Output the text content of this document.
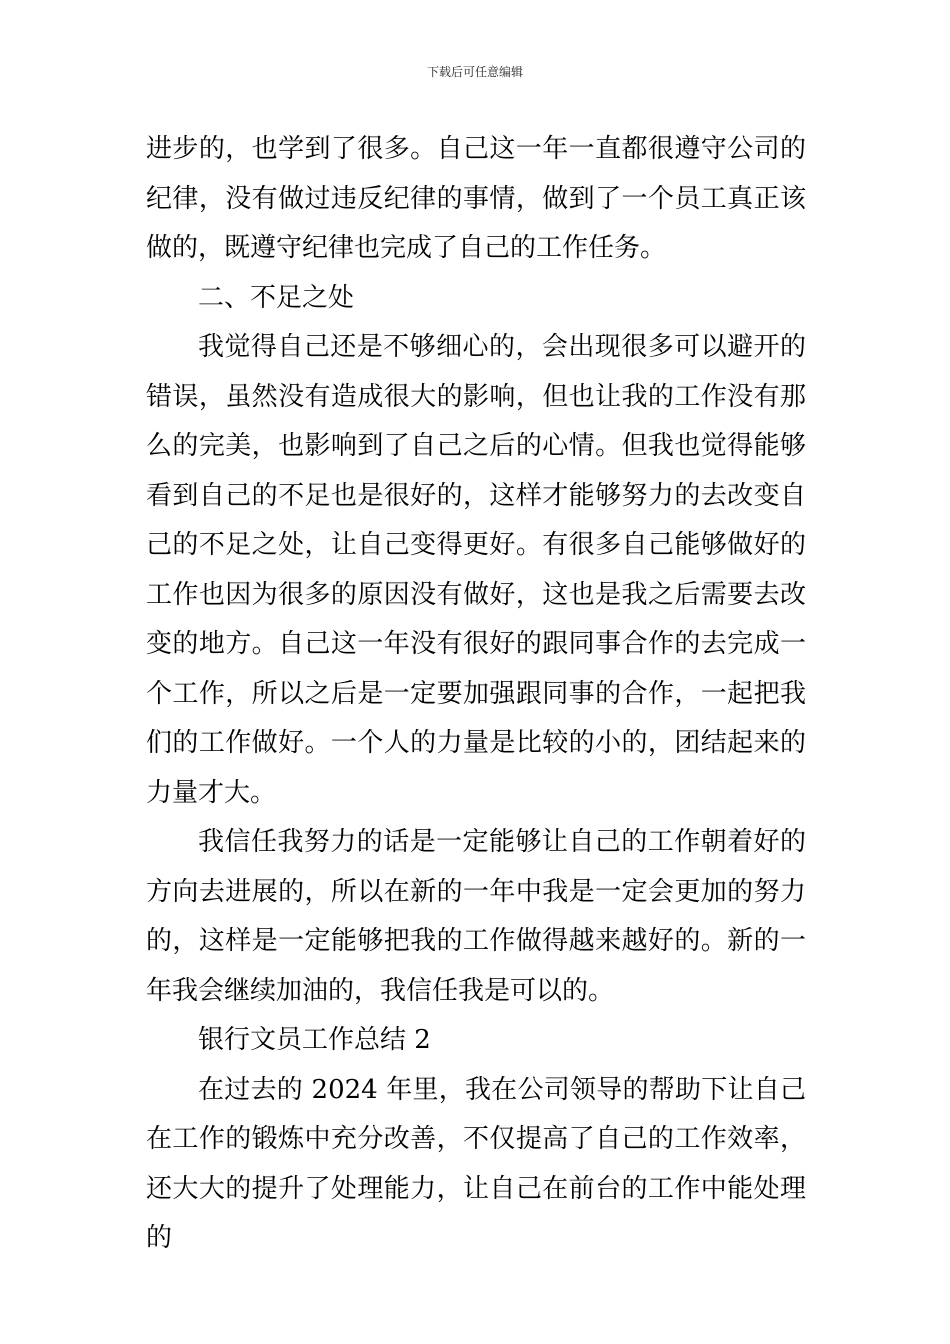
下载后可任意编辑

进步的，也学到了很多。自己这一年一直都很遵守公司的纪律，没有做过违反纪律的事情，做到了一个员工真正该做的，既遵守纪律也完成了自己的工作任务。

二、不足之处

我觉得自己还是不够细心的，会出现很多可以避开的错误，虽然没有造成很大的影响，但也让我的工作没有那么的完美，也影响到了自己之后的心情。但我也觉得能够看到自己的不足也是很好的，这样才能够努力的去改变自己的不足之处，让自己变得更好。有很多自己能够做好的工作也因为很多的原因没有做好，这也是我之后需要去改变的地方。自己这一年没有很好的跟同事合作的去完成一个工作，所以之后是一定要加强跟同事的合作，一起把我们的工作做好。一个人的力量是比较的小的，团结起来的力量才大。

我信任我努力的话是一定能够让自己的工作朝着好的方向去进展的，所以在新的一年中我是一定会更加的努力的，这样是一定能够把我的工作做得越来越好的。新的一年我会继续加油的，我信任我是可以的。

银行文员工作总结 2

在过去的 2024 年里，我在公司领导的帮助下让自己在工作的锻炼中充分改善，不仅提高了自己的工作效率，还大大的提升了处理能力，让自己在前台的工作中能处理的
